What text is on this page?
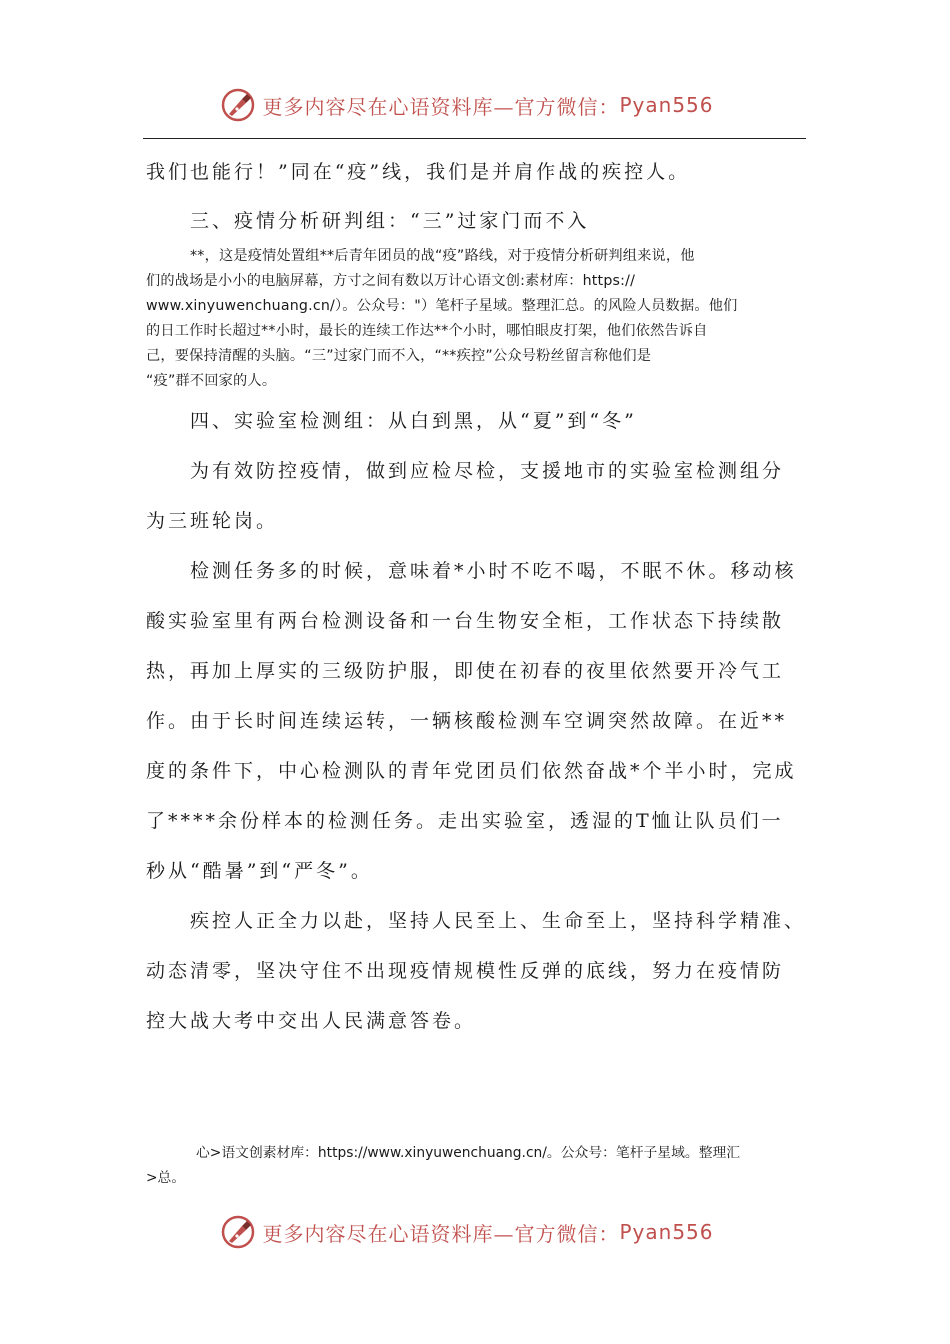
更多内容尽在心语资料库—官方微信： Pyan556
我们也能行！”同在“疫”线，我们是并肩作战的疾控人。
三、疫情分析研判组：“三”过家门而不入
**，这是疫情处置组**后青年团员的战“疫”路线，对于疫情分析研判组来说，他
们的战场是小小的电脑屏幕，方寸之间有数以万计心语文创:素材库：https://
www.xinyuwenchuang.cn/）。公众号："）笔杆子星域。整理汇总。的风险人员数据。他们
的日工作时长超过**小时，最长的连续工作达**个小时，哪怕眼皮打架，他们依然告诉自
己，要保持清醒的头脑。“三”过家门而不入，“**疾控”公众号粉丝留言称他们是
“疫”群不回家的人。
四、实验室检测组：从白到黑，从“夏”到“冬”
为有效防控疫情，做到应检尽检，支援地市的实验室检测组分
为三班轮岗。
检测任务多的时候，意味着*小时不吃不喝，不眠不休。移动核
酸实验室里有两台检测设备和一台生物安全柜，工作状态下持续散
热，再加上厚实的三级防护服，即使在初春的夜里依然要开冷气工
作。由于长时间连续运转，一辆核酸检测车空调突然故障。在近**
度的条件下，中心检测队的青年党团员们依然奋战*个半小时，完成
了****余份样本的检测任务。走出实验室，透湿的T恤让队员们一
秒从“酷暑”到“严冬”。
疾控人正全力以赴，坚持人民至上、生命至上，坚持科学精准、
动态清零，坚决守住不出现疫情规模性反弹的底线，努力在疫情防
控大战大考中交出人民满意答卷。
心>语文创素材库：https://www.xinyuwenchuang.cn/。公众号：笔杆子星域。整理汇
>总。
更多内容尽在心语资料库—官方微信： Pyan556
